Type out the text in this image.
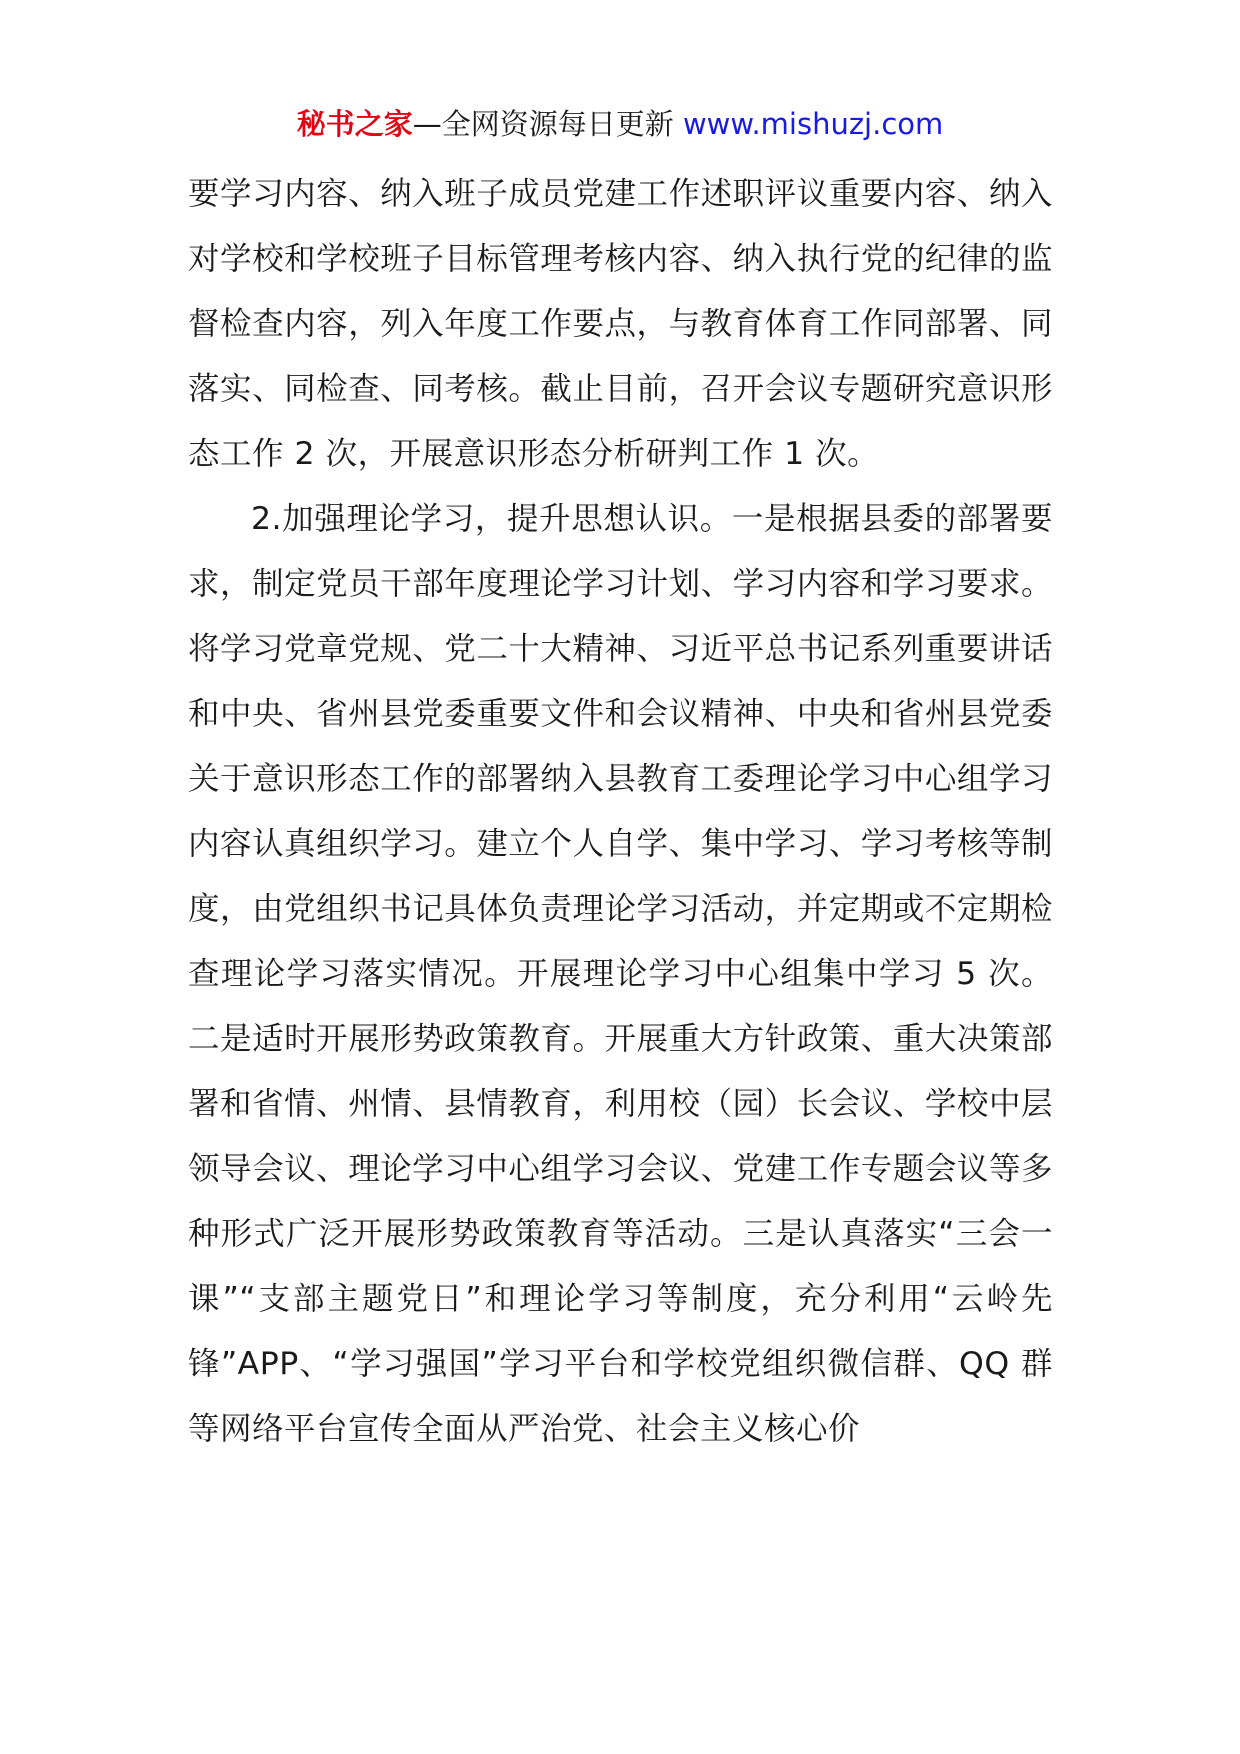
秘书之家—全网资源每日更新 www.mishuzj.com

要学习内容、纳入班子成员党建工作述职评议重要内容、纳入对学校和学校班子目标管理考核内容、纳入执行党的纪律的监督检查内容，列入年度工作要点，与教育体育工作同部署、同落实、同检查、同考核。截止目前，召开会议专题研究意识形态工作 2 次，开展意识形态分析研判工作 1 次。

2.加强理论学习，提升思想认识。一是根据县委的部署要求，制定党员干部年度理论学习计划、学习内容和学习要求。将学习党章党规、党二十大精神、习近平总书记系列重要讲话和中央、省州县党委重要文件和会议精神、中央和省州县党委关于意识形态工作的部署纳入县教育工委理论学习中心组学习内容认真组织学习。建立个人自学、集中学习、学习考核等制度，由党组织书记具体负责理论学习活动，并定期或不定期检查理论学习落实情况。开展理论学习中心组集中学习 5 次。二是适时开展形势政策教育。开展重大方针政策、重大决策部署和省情、州情、县情教育，利用校（园）长会议、学校中层领导会议、理论学习中心组学习会议、党建工作专题会议等多种形式广泛开展形势政策教育等活动。三是认真落实“三会一课”“支部主题党日”和理论学习等制度，充分利用“云岭先锋”APP、“学习强国”学习平台和学校党组织微信群、QQ 群等网络平台宣传全面从严治党、社会主义核心价
